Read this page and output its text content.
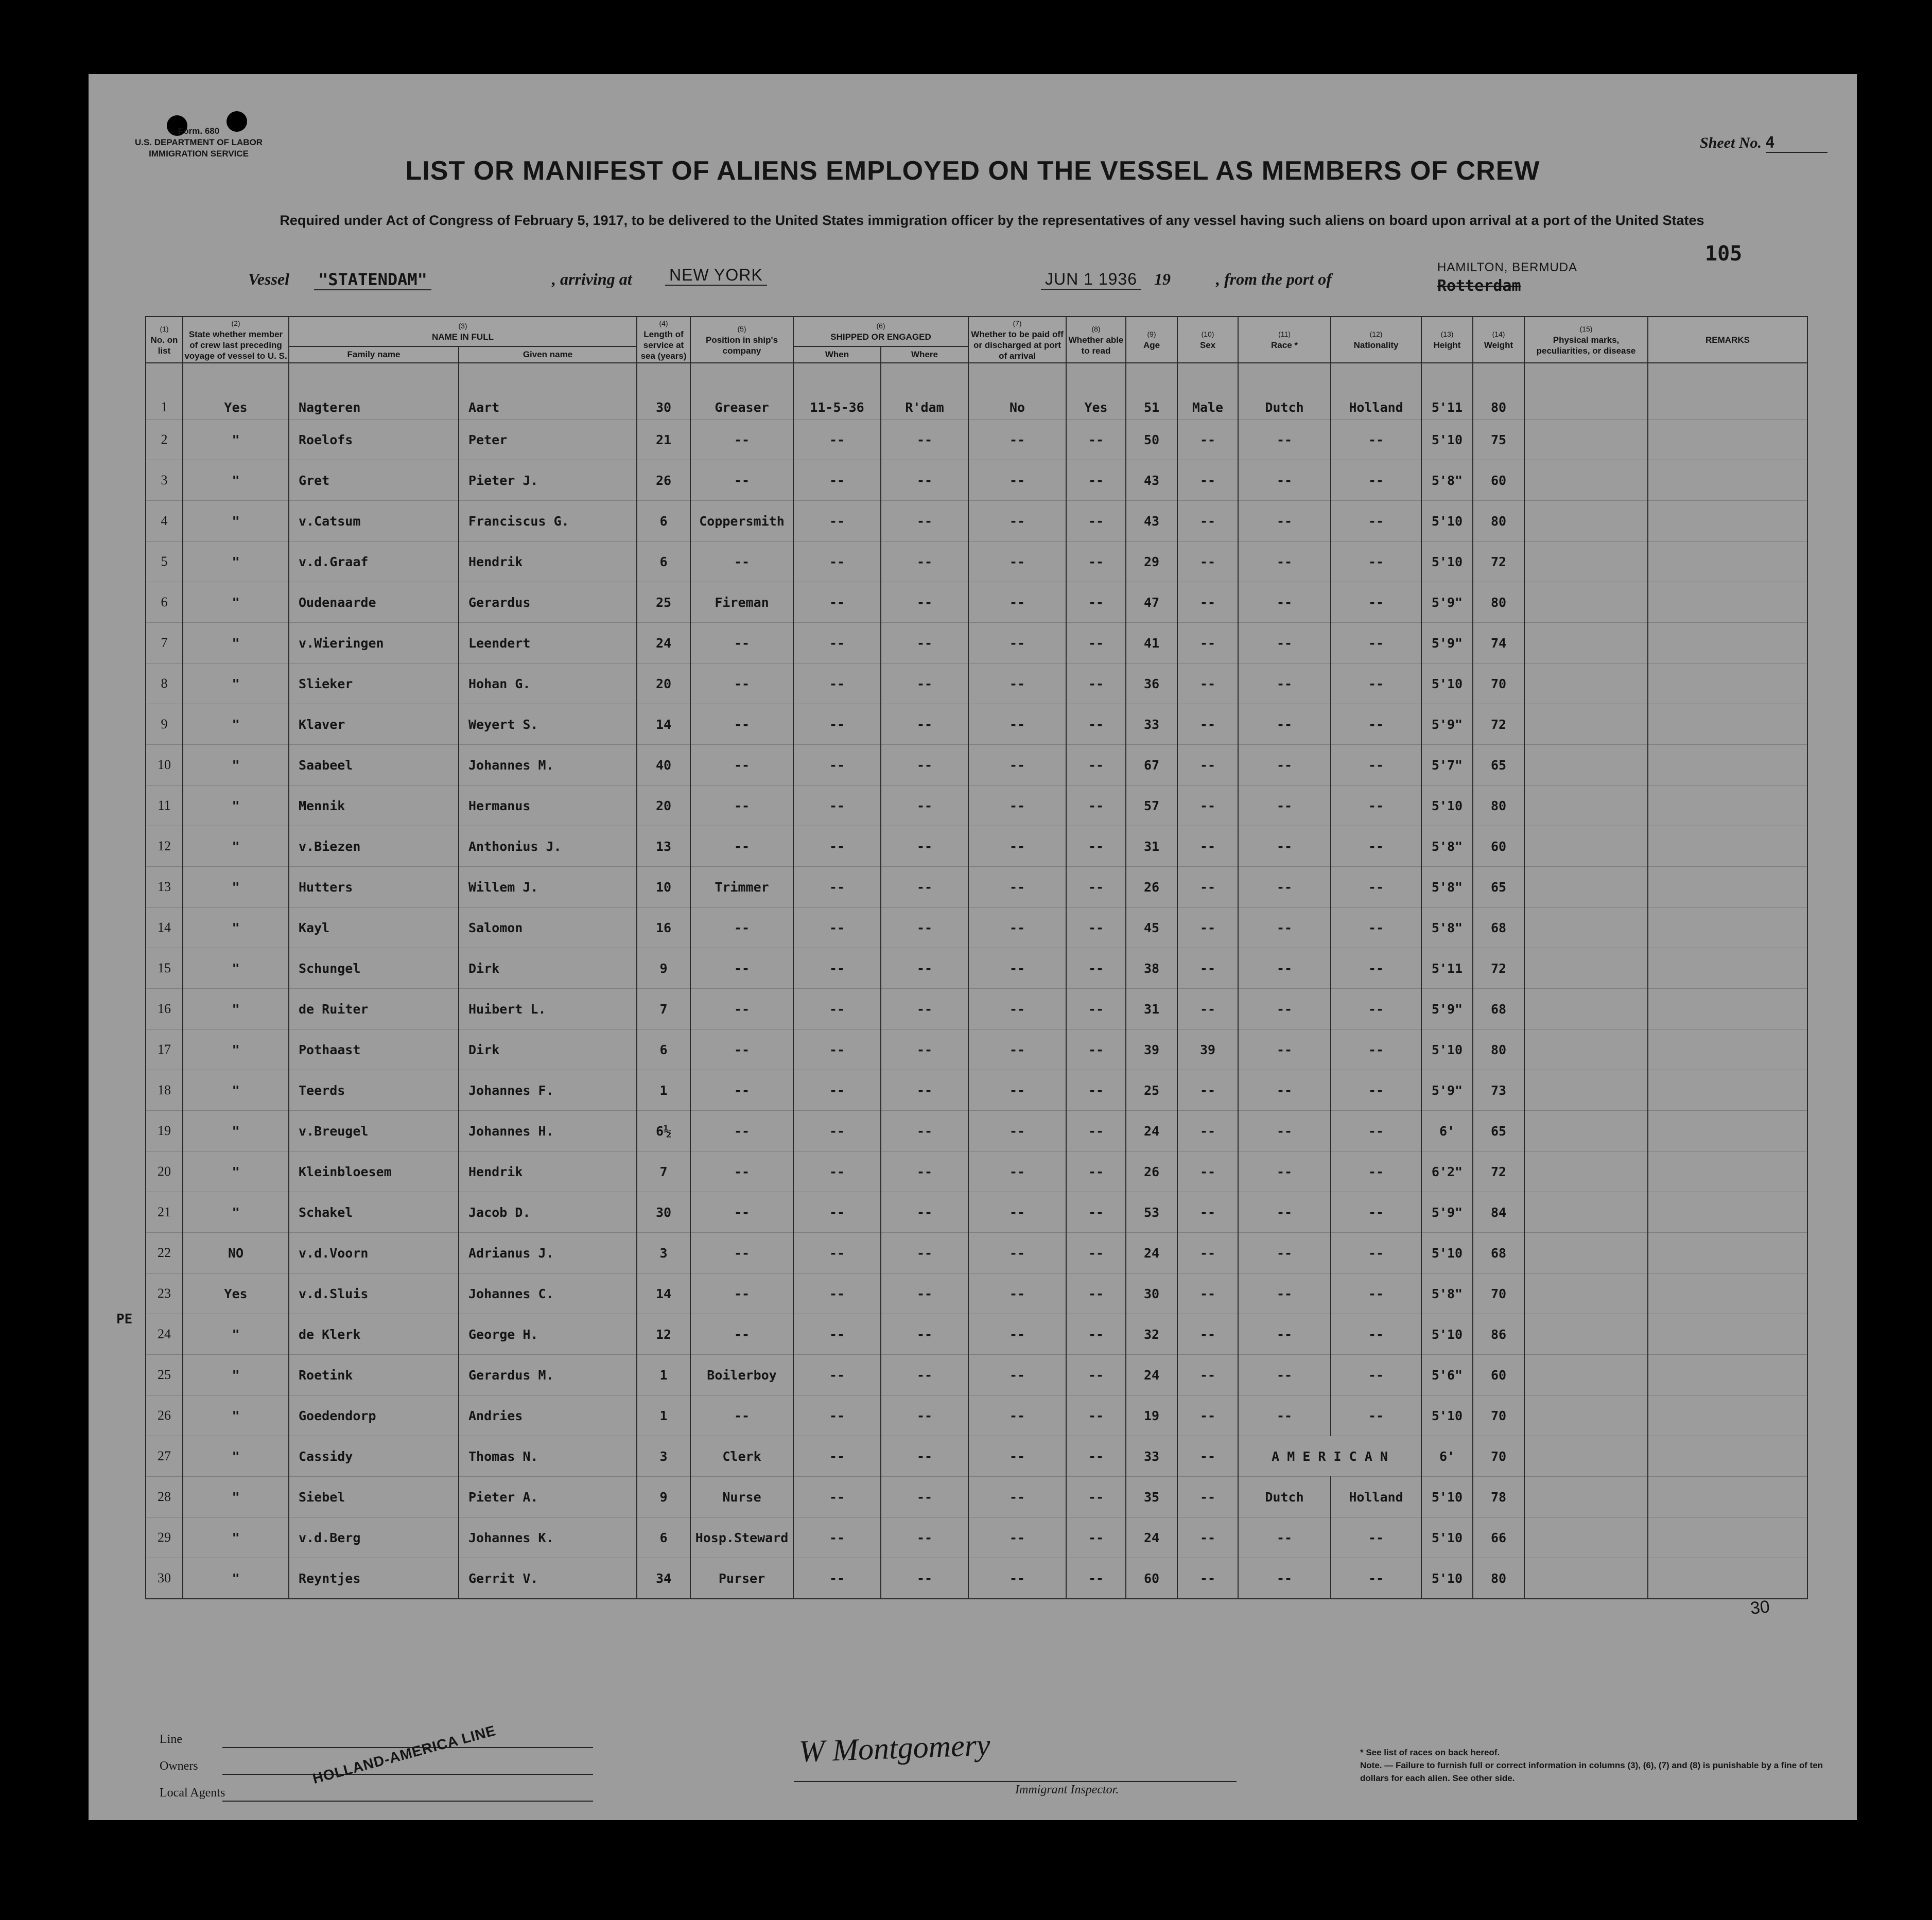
Form. 680
U.S. DEPARTMENT OF LABOR
IMMIGRATION SERVICE
Sheet No. 4
LIST OR MANIFEST OF ALIENS EMPLOYED ON THE VESSEL AS MEMBERS OF CREW
Required under Act of Congress of February 5, 1917, to be delivered to the United States immigration officer by the representatives of any vessel having such aliens on board upon arrival at a port of the United States
105
Vessel "STATENDAM"	, arriving at NEW YORK	JUN 1 1936 19	, from the port of
HAMILTON, BERMUDA
Rotterdam
(1)
No. on list	(2)
State whether member of crew last preceding voyage of vessel to U. S.	(3)
NAME IN FULL		(4)
Length of service at sea (years)	(5)
Position in ship's company	(6)
SHIPPED OR ENGAGED		(7)
Whether to be paid off or discharged at port of arrival	(8)
Whether able to read	(9)
Age	(10)
Sex	(11)
Race *	(12)
Nationality	(13)
Height	(14)
Weight	(15)
Physical marks, peculiarities, or disease	REMARKS
		Family name	Given name			When	Where										
1	Yes	Nagteren	Aart	30	Greaser	11-5-36	R'dam	No	Yes	51	Male	Dutch	Holland	5'11	80		
2	"	Roelofs	Peter	21	--	--	--	--	--	50	--	--	--	5'10	75		
3	"	Gret	Pieter J.	26	--	--	--	--	--	43	--	--	--	5'8"	60		
4	"	v.Catsum	Franciscus G.	6	Coppersmith	--	--	--	--	43	--	--	--	5'10	80		
5	"	v.d.Graaf	Hendrik	6	--	--	--	--	--	29	--	--	--	5'10	72		
6	"	Oudenaarde	Gerardus	25	Fireman	--	--	--	--	47	--	--	--	5'9"	80		
7	"	v.Wieringen	Leendert	24	--	--	--	--	--	41	--	--	--	5'9"	74		
8	"	Slieker	Hohan G.	20	--	--	--	--	--	36	--	--	--	5'10	70		
9	"	Klaver	Weyert S.	14	--	--	--	--	--	33	--	--	--	5'9"	72		
10	"	Saabeel	Johannes M.	40	--	--	--	--	--	67	--	--	--	5'7"	65		
11	"	Mennik	Hermanus	20	--	--	--	--	--	57	--	--	--	5'10	80		
12	"	v.Biezen	Anthonius J.	13	--	--	--	--	--	31	--	--	--	5'8"	60		
13	"	Hutters	Willem J.	10	Trimmer	--	--	--	--	26	--	--	--	5'8"	65		
14	"	Kayl	Salomon	16	--	--	--	--	--	45	--	--	--	5'8"	68		
15	"	Schungel	Dirk	9	--	--	--	--	--	38	--	--	--	5'11	72		
16	"	de Ruiter	Huibert L.	7	--	--	--	--	--	31	--	--	--	5'9"	68		
17	"	Pothaast	Dirk	6	--	--	--	--	--	39	39	--	--	5'10	80		
18	"	Teerds	Johannes F.	1	--	--	--	--	--	25	--	--	--	5'9"	73		
19	"	v.Breugel	Johannes H.	6½	--	--	--	--	--	24	--	--	--	6'	65		
20	"	Kleinbloesem	Hendrik	7	--	--	--	--	--	26	--	--	--	6'2"	72		
21	"	Schakel	Jacob D.	30	--	--	--	--	--	53	--	--	--	5'9"	84		
22	NO	v.d.Voorn	Adrianus J.	3	--	--	--	--	--	24	--	--	--	5'10	68		
23	Yes	v.d.Sluis	Johannes C.	14	--	--	--	--	--	30	--	--	--	5'8"	70		
24	"	de Klerk	George H.	12	--	--	--	--	--	32	--	--	--	5'10	86		
25	"	Roetink	Gerardus M.	1	Boilerboy	--	--	--	--	24	--	--	--	5'6"	60		
26	"	Goedendorp	Andries	1	--	--	--	--	--	19	--	--	--	5'10	70		
27	"	Cassidy	Thomas N.	3	Clerk	--	--	--	--	33	--	A M E R I C A N		6'	70		
28	"	Siebel	Pieter A.	9	Nurse	--	--	--	--	35	--	Dutch	Holland	5'10	78		
29	"	v.d.Berg	Johannes K.	6	Hosp.Steward	--	--	--	--	24	--	--	--	5'10	66		
30	"	Reyntjes	Gerrit V.	34	Purser	--	--	--	--	60	--	--	--	5'10	80		
PE
30
Line
Owners
Local Agents
HOLLAND-AMERICA LINE	W Montgomery
Immigrant Inspector.
* See list of races on back hereof.
Note. — Failure to furnish full or correct information in columns (3), (6), (7) and (8) is punishable by a fine of ten dollars for each alien. See other side.
